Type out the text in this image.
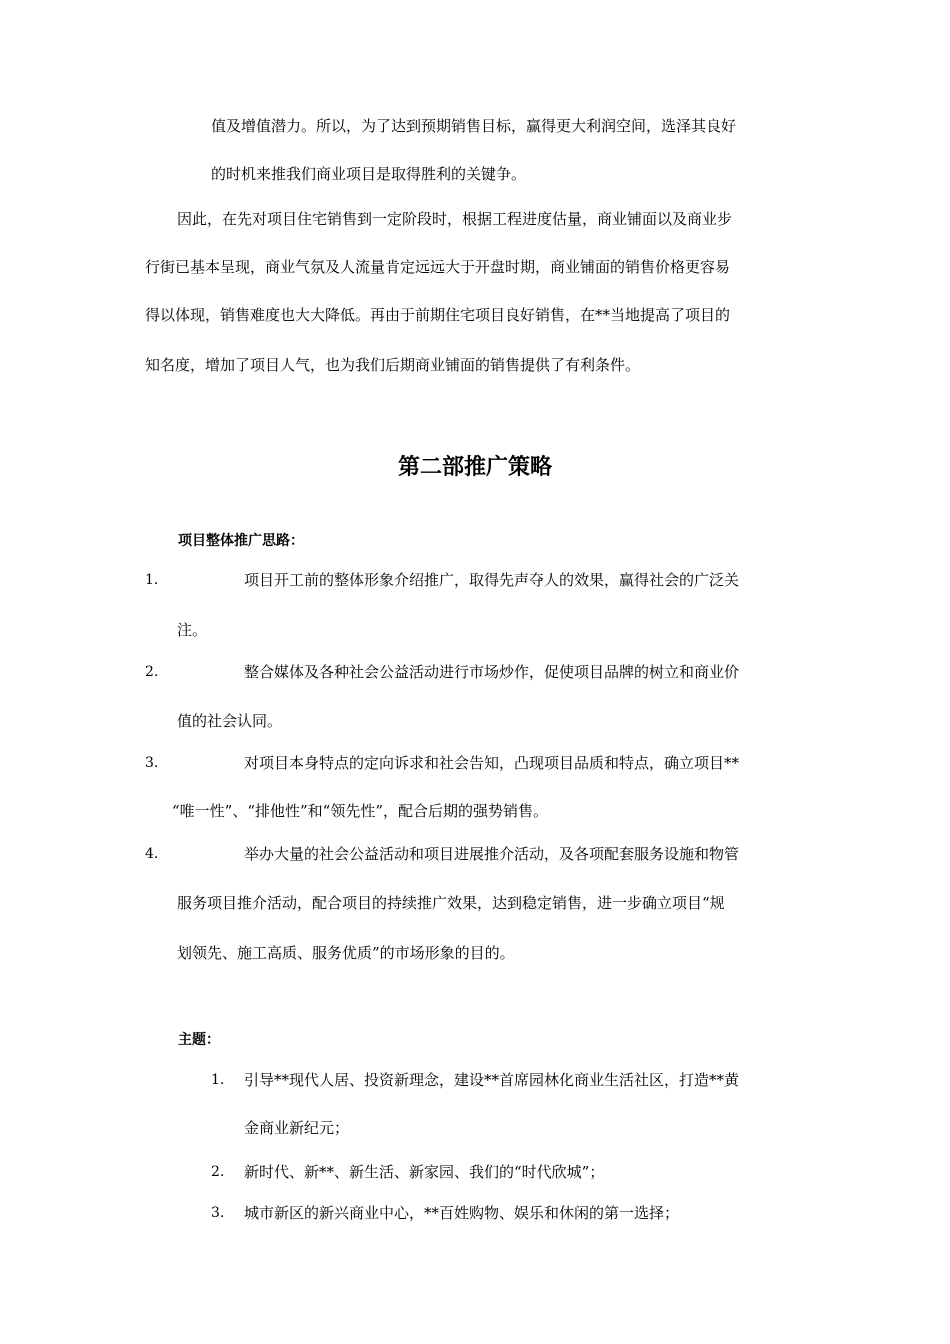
值及增值潜力。所以，为了达到预期销售目标，赢得更大利润空间，选泽其良好
的时机来推我们商业项目是取得胜利的关键争。
因此，在先对项目住宅销售到一定阶段时，根据工程进度估量，商业铺面以及商业步
行街已基本呈现，商业气氛及人流量肯定远远大于开盘时期，商业铺面的销售价格更容易
得以体现，销售难度也大大降低。再由于前期住宅项目良好销售，在**当地提高了项目的
知名度，增加了项目人气，也为我们后期商业铺面的销售提供了有利条件。
第二部推广策略
项目整体推广思路：
1.	项目开工前的整体形象介绍推广，取得先声夺人的效果，赢得社会的广泛关
注。
2.	整合媒体及各种社会公益活动进行市场炒作，促使项目品牌的树立和商业价
值的社会认同。
3.	对项目本身特点的定向诉求和社会告知，凸现项目品质和特点，确立项目**
“唯一性”、“排他性”和“领先性”，配合后期的强势销售。
4.	举办大量的社会公益活动和项目进展推介活动，及各项配套服务设施和物管
服务项目推介活动，配合项目的持续推广效果，达到稳定销售，进一步确立项目“规
划领先、施工高质、服务优质”的市场形象的目的。
主题：
1. 引导**现代人居、投资新理念，建设**首席园林化商业生活社区，打造**黄
金商业新纪元；
2. 新时代、新**、新生活、新家园、我们的“时代欣城”；
3. 城市新区的新兴商业中心，**百姓购物、娱乐和休闲的第一选择；
